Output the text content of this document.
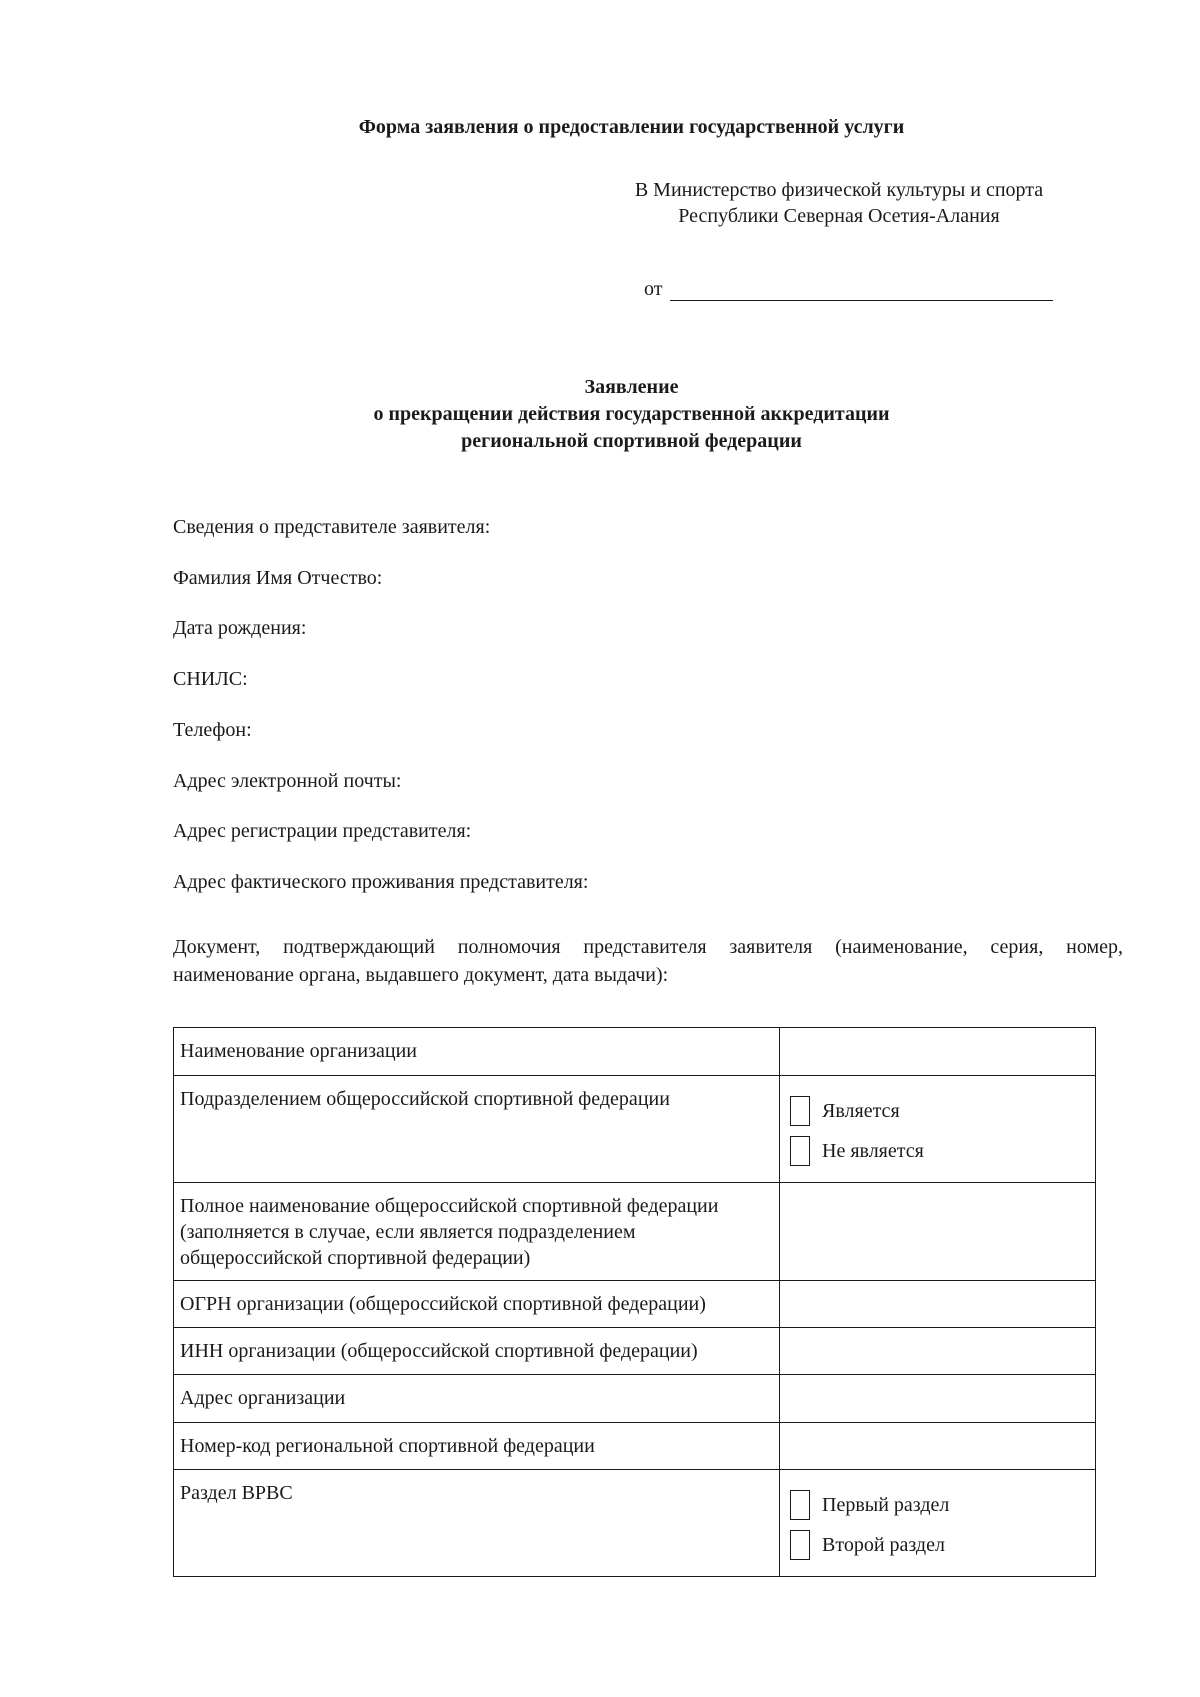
Форма заявления о предоставлении государственной услуги
В Министерство физической культуры и спорта
Республики Северная Осетия-Алания
от
Заявление
о прекращении действия государственной аккредитации
региональной спортивной федерации
Сведения о представителе заявителя:
Фамилия Имя Отчество:
Дата рождения:
СНИЛС:
Телефон:
Адрес электронной почты:
Адрес регистрации представителя:
Адрес фактического проживания представителя:
Документ, подтверждающий полномочия представителя заявителя (наименование, серия, номер, наименование органа, выдавшего документ, дата выдачи):
Наименование организации	
Подразделением общероссийской спортивной федерации	Является
Не является

Полное наименование общероссийской спортивной федерации (заполняется в случае, если является подразделением общероссийской спортивной федерации)	
ОГРН организации (общероссийской спортивной федерации)	
ИНН организации (общероссийской спортивной федерации)	
Адрес организации	
Номер-код региональной спортивной федерации	
Раздел ВРВС	Первый раздел
Второй раздел
